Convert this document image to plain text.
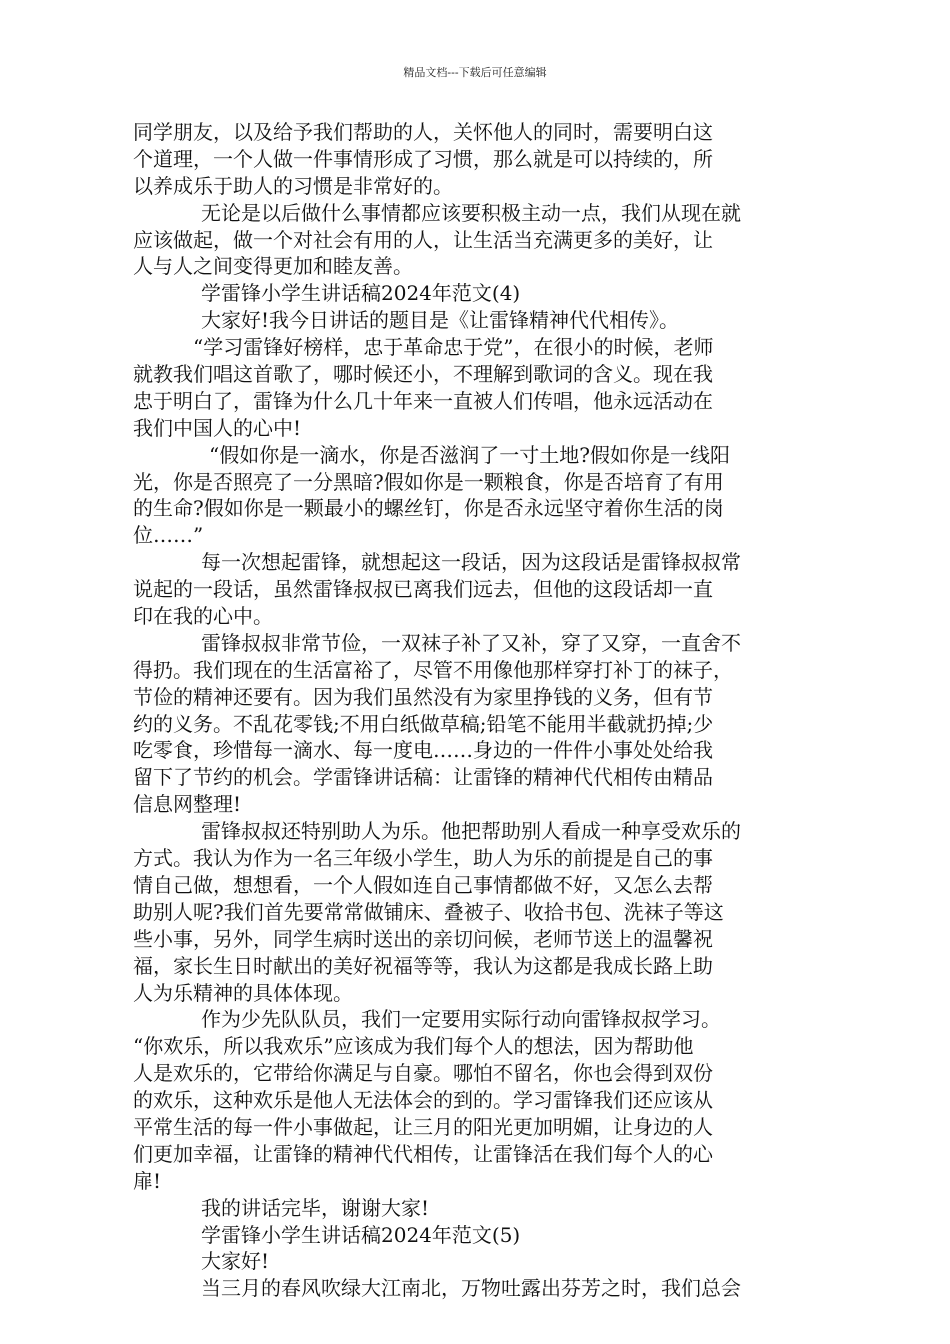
精品文档---下载后可任意编辑
同学朋友，以及给予我们帮助的人，关怀他人的同时，需要明白这
个道理，一个人做一件事情形成了习惯，那么就是可以持续的，所
以养成乐于助人的习惯是非常好的。
无论是以后做什么事情都应该要积极主动一点，我们从现在就
应该做起，做一个对社会有用的人，让生活当充满更多的美好，让
人与人之间变得更加和睦友善。
学雷锋小学生讲话稿2024年范文(4)
大家好!我今日讲话的题目是《让雷锋精神代代相传》。
“学习雷锋好榜样，忠于革命忠于党”，在很小的时候，老师
就教我们唱这首歌了，哪时候还小，不理解到歌词的含义。现在我
忠于明白了，雷锋为什么几十年来一直被人们传唱，他永远活动在
我们中国人的心中!
“假如你是一滴水，你是否滋润了一寸土地?假如你是一线阳
光，你是否照亮了一分黑暗?假如你是一颗粮食，你是否培育了有用
的生命?假如你是一颗最小的螺丝钉，你是否永远坚守着你生活的岗
位……”
每一次想起雷锋，就想起这一段话，因为这段话是雷锋叔叔常
说起的一段话，虽然雷锋叔叔已离我们远去，但他的这段话却一直
印在我的心中。
雷锋叔叔非常节俭，一双袜子补了又补，穿了又穿，一直舍不
得扔。我们现在的生活富裕了，尽管不用像他那样穿打补丁的袜子，
节俭的精神还要有。因为我们虽然没有为家里挣钱的义务，但有节
约的义务。不乱花零钱;不用白纸做草稿;铅笔不能用半截就扔掉;少
吃零食，珍惜每一滴水、每一度电……身边的一件件小事处处给我
留下了节约的机会。学雷锋讲话稿：让雷锋的精神代代相传由精品
信息网整理!
雷锋叔叔还特别助人为乐。他把帮助别人看成一种享受欢乐的
方式。我认为作为一名三年级小学生，助人为乐的前提是自己的事
情自己做，想想看，一个人假如连自己事情都做不好，又怎么去帮
助别人呢?我们首先要常常做铺床、叠被子、收拾书包、洗袜子等这
些小事，另外，同学生病时送出的亲切问候，老师节送上的温馨祝
福，家长生日时献出的美好祝福等等，我认为这都是我成长路上助
人为乐精神的具体体现。
作为少先队队员，我们一定要用实际行动向雷锋叔叔学习。
“你欢乐，所以我欢乐”应该成为我们每个人的想法，因为帮助他
人是欢乐的，它带给你满足与自豪。哪怕不留名，你也会得到双份
的欢乐，这种欢乐是他人无法体会的到的。学习雷锋我们还应该从
平常生活的每一件小事做起，让三月的阳光更加明媚，让身边的人
们更加幸福，让雷锋的精神代代相传，让雷锋活在我们每个人的心
扉!
我的讲话完毕，谢谢大家!
学雷锋小学生讲话稿2024年范文(5)
大家好!
当三月的春风吹绿大江南北，万物吐露出芬芳之时，我们总会
